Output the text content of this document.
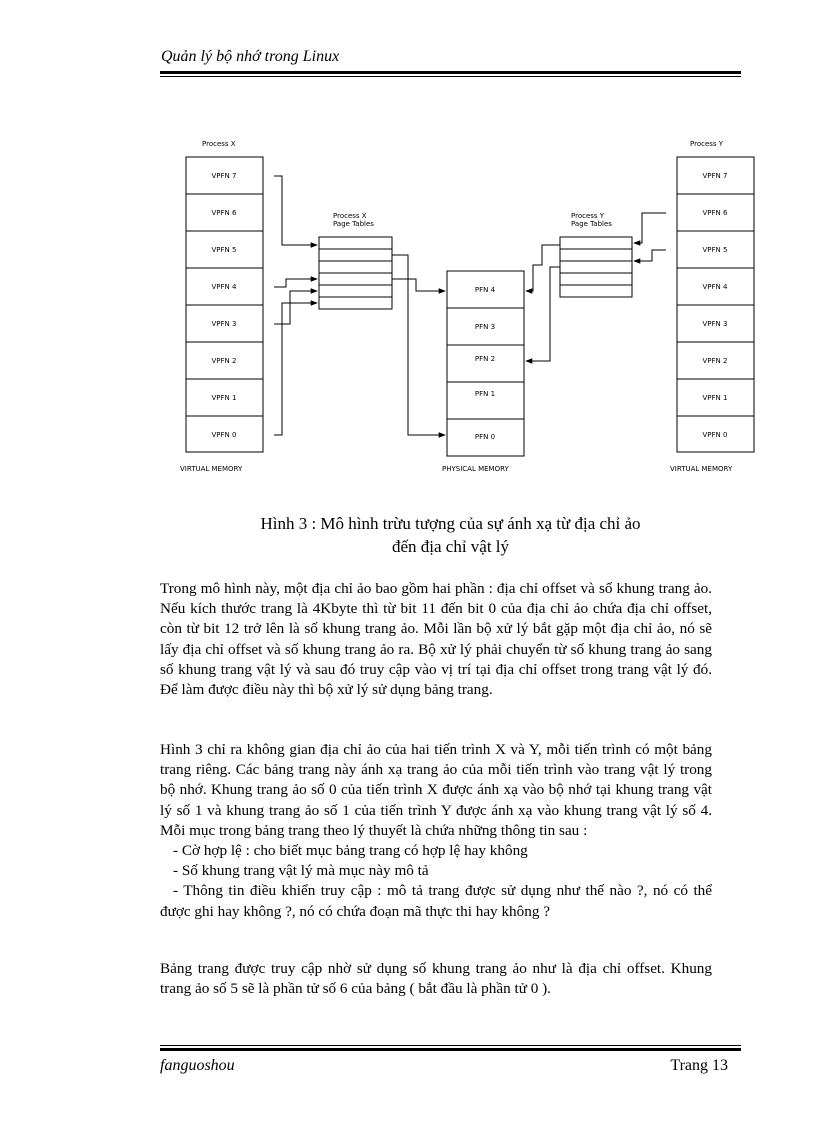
Quản lý bộ nhớ trong Linux
Process X
VPFN 7
VPFN 6
VPFN 5
VPFN 4
VPFN 3
VPFN 2
VPFN 1
VPFN 0
VIRTUAL MEMORY
Process X
Page Tables
PFN 4
PFN 3
PFN 2
PFN 1
PFN 0
PHYSICAL MEMORY
Process Y
Page Tables
Process Y
VPFN 7
VPFN 6
VPFN 5
VPFN 4
VPFN 3
VPFN 2
VPFN 1
VPFN 0
VIRTUAL MEMORY
Hình 3 : Mô hình trừu tượng của sự ánh xạ từ địa chỉ ảo
đến địa chỉ vật lý

Trong mô hình này, một địa chỉ ảo bao gồm hai phần : địa chỉ offset và số khung trang ảo. Nếu kích thước trang là 4Kbyte thì từ bit 11 đến bit 0 của địa chỉ ảo chứa địa chỉ offset, còn từ bit 12 trở lên là số khung trang ảo. Mỗi lần bộ xử lý bắt gặp một địa chỉ ảo, nó sẽ lấy địa chỉ offset và số khung trang ảo ra. Bộ xử lý phải chuyển từ số khung trang ảo sang số khung trang vật lý và sau đó truy cập vào vị trí tại địa chỉ offset trong trang vật lý đó. Để làm được điều này thì bộ xử lý sử dụng bảng trang.

Hình 3 chỉ ra không gian địa chỉ ảo của hai tiến trình X và Y, mỗi tiến trình có một bảng trang riêng. Các bảng trang này ánh xạ trang ảo của mỗi tiến trình vào trang vật lý trong bộ nhớ. Khung trang ảo số 0 của tiến trình X được ánh xạ vào bộ nhớ tại khung trang vật lý số 1 và khung trang ảo số 1 của tiến trình Y được ánh xạ vào khung trang vật lý số 4. Mỗi mục trong bảng trang theo lý thuyết là chứa những thông tin sau :

- Cờ hợp lệ : cho biết mục bảng trang có hợp lệ hay không

- Số khung trang vật lý mà mục này mô tả

- Thông tin điều khiển truy cập : mô tả trang được sử dụng như thế nào ?, nó có thể được ghi hay không ?, nó có chứa đoạn mã thực thi hay không ?

Bảng trang được truy cập nhờ sử dụng số khung trang ảo như là địa chỉ offset. Khung trang ảo số 5 sẽ là phần tử số 6 của bảng ( bắt đầu là phần tử 0 ).

fanguoshou	Trang 13
